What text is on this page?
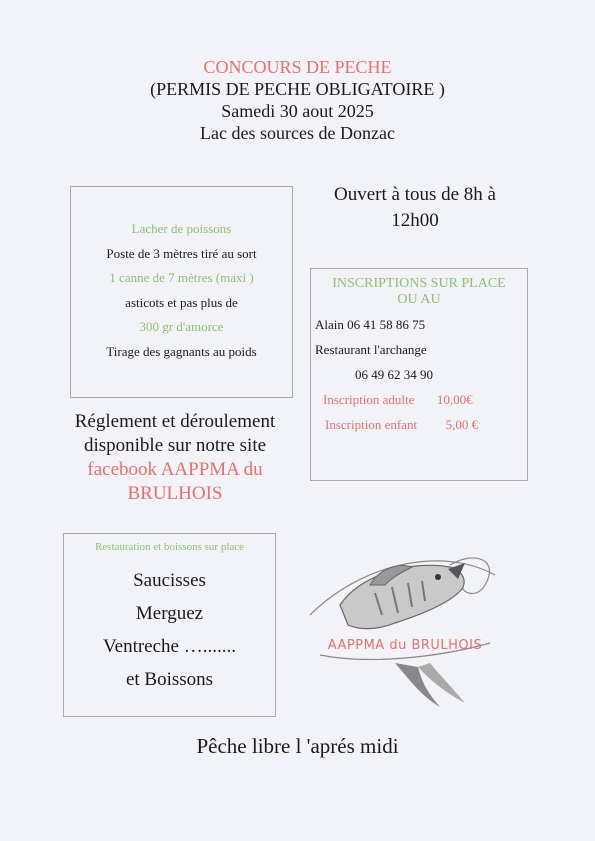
CONCOURS DE PECHE
(PERMIS DE PECHE OBLIGATOIRE )
Samedi 30 aout 2025
Lac des sources de Donzac
Ouvert à tous de 8h à
12h00
Lacher de poissons
Poste de 3 mètres tiré au sort
1 canne de 7 mètres (maxi )
asticots et pas plus de
300 gr d'amorce
Tirage des gagnants au poids
INSCRIPTIONS SUR PLACE
OU AU
Alain 06 41 58 86 75
Restaurant l'archange
06 49 62 34 90
Inscription adulte 10,00€
Inscription enfant 5,00 €
Réglement et déroulement
disponible sur notre site
facebook AAPPMA du
BRULHOIS
Restauration et boissons sur place
Saucisses
Merguez
Ventreche ….......
et Boissons
AAPPMA du BRULHOIS
Pêche libre l 'aprés midi
